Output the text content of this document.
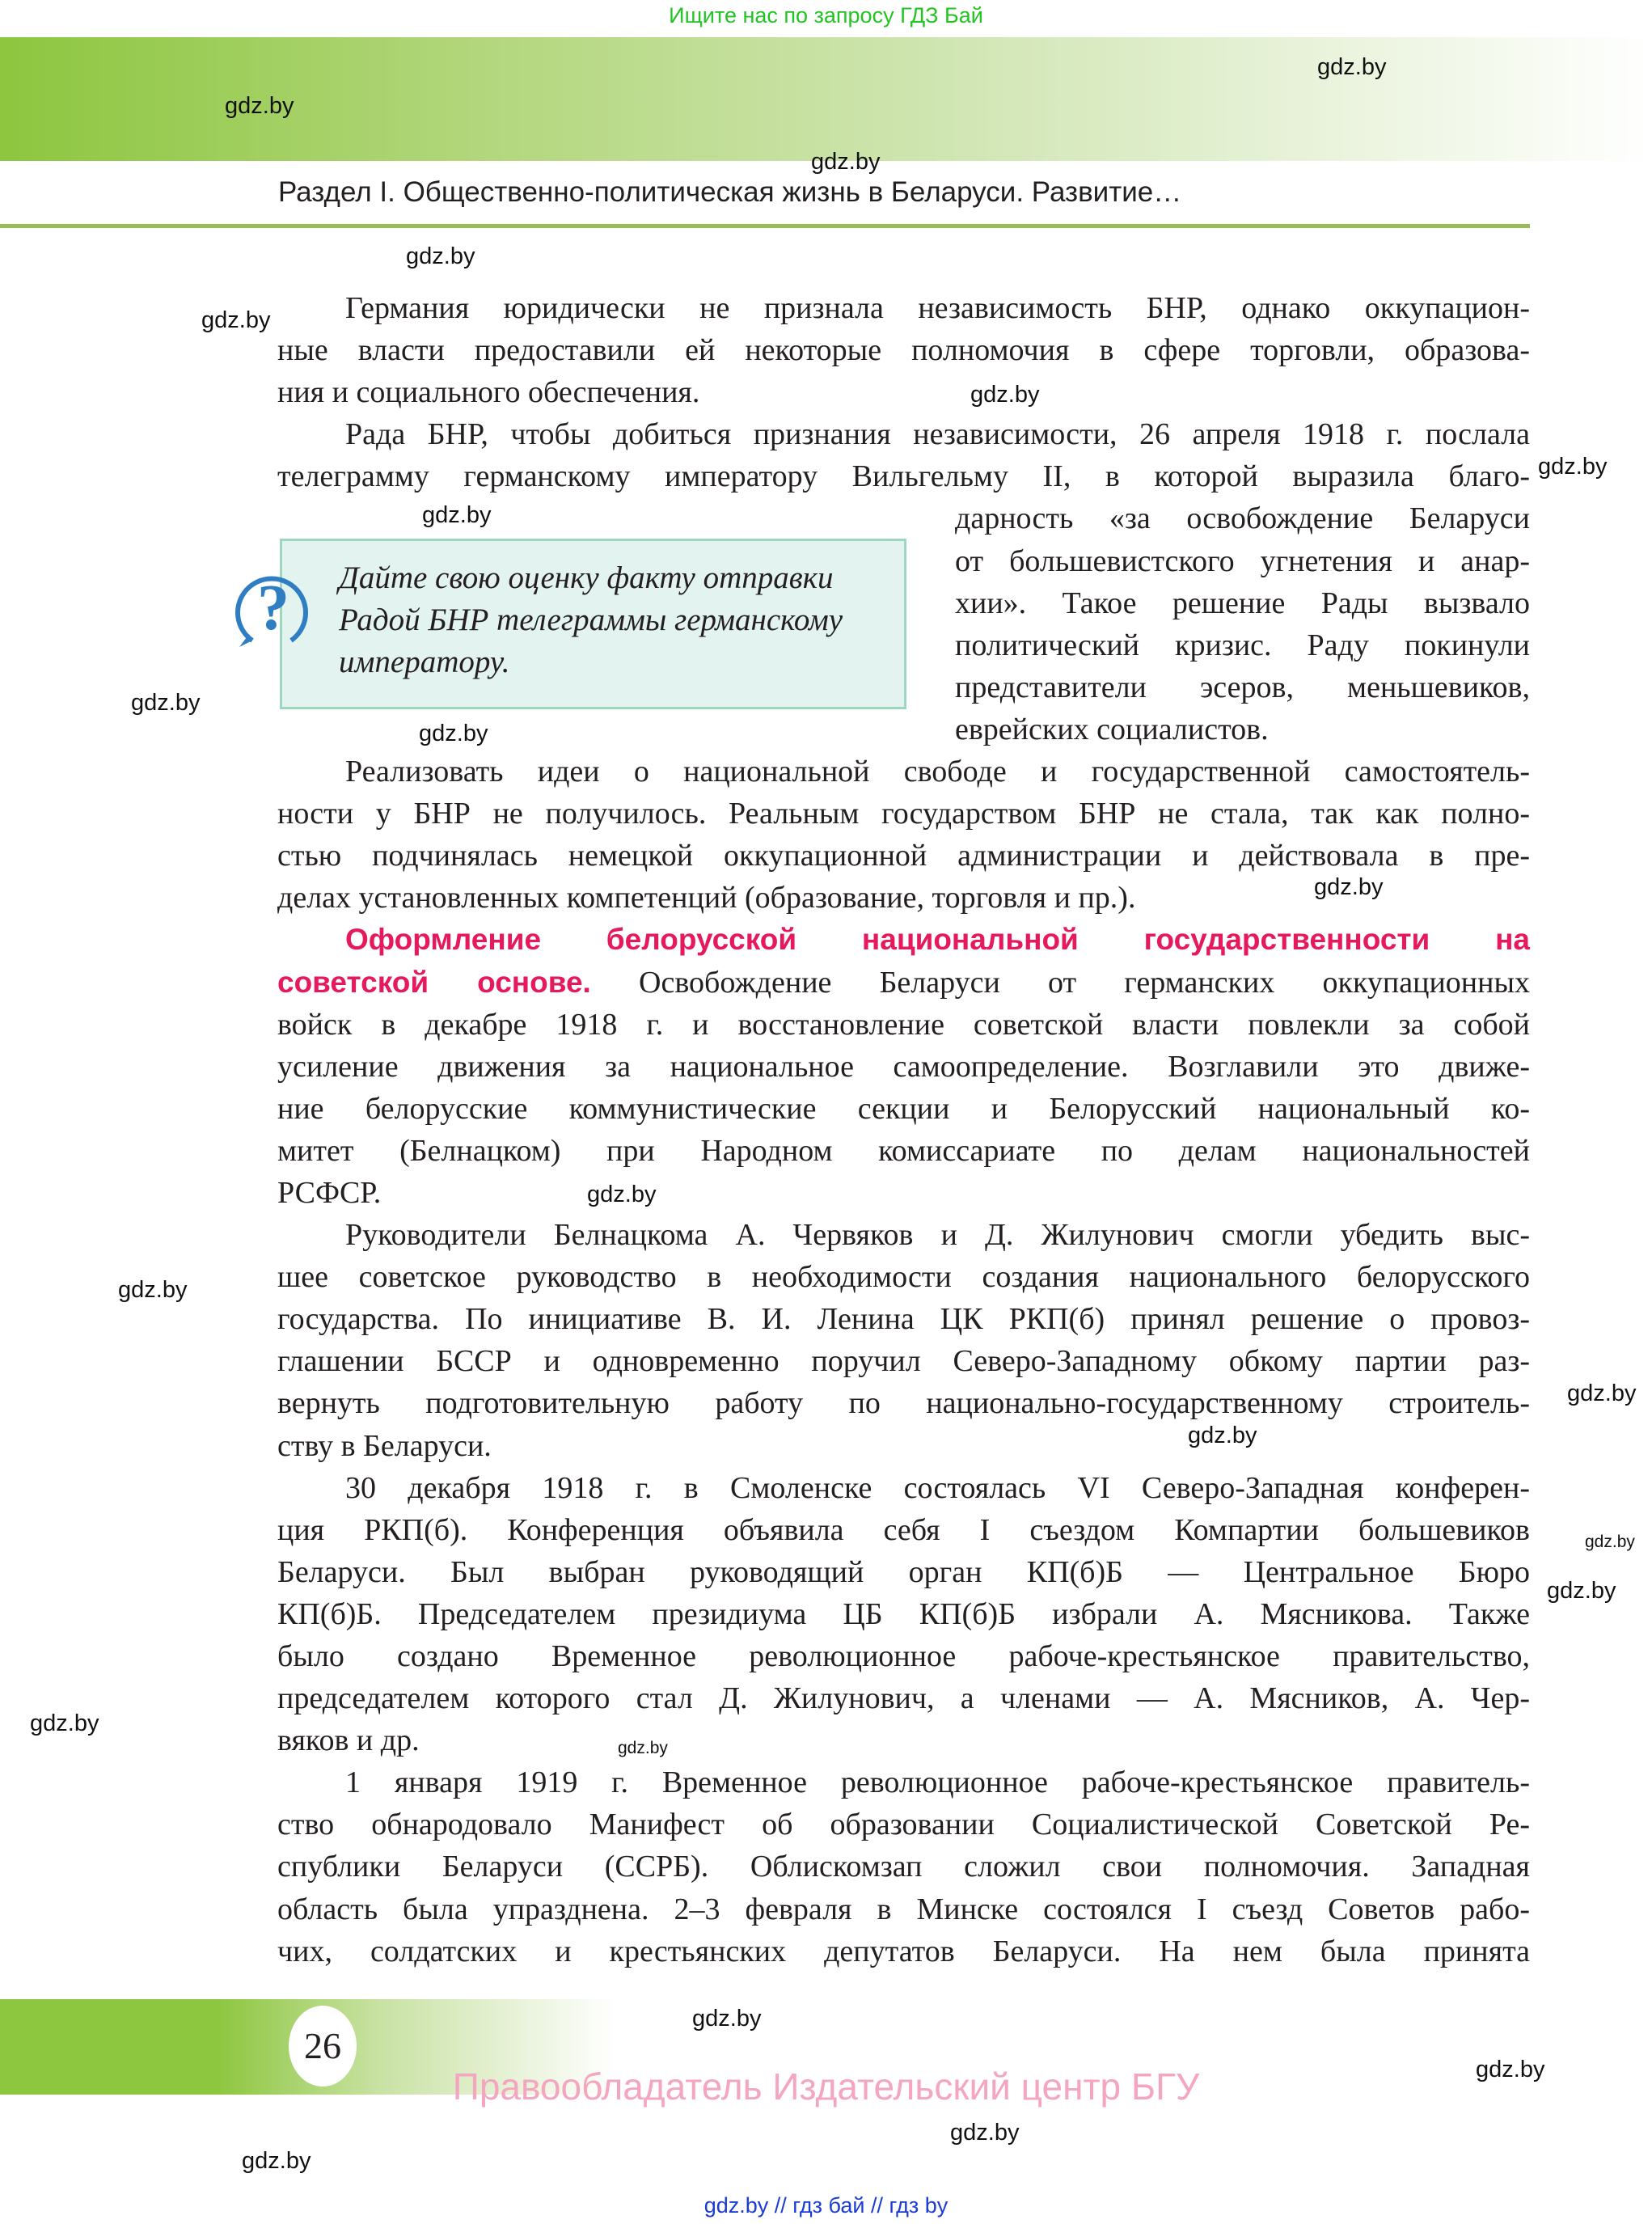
Ищите нас по запросу ГДЗ Бай
Раздел I. Общественно-политическая жизнь в Беларуси. Развитие…
Дайте свою оценку факту отправки Радой БНР телеграммы германскому императору.
?
Германия юридически не признала независимость БНР, однако оккупацион-
ные власти предоставили ей некоторые полномочия в сфере торговли, образова-
ния и социального обеспечения.
Рада БНР, чтобы добиться признания независимости, 26 апреля 1918 г. послала
телеграмму германскому императору Вильгельму II, в которой выразила благо-
дарность «за освобождение Беларуси
от большевистского угнетения и анар-
хии». Такое решение Рады вызвало
политический кризис. Раду покинули
представители эсеров, меньшевиков,
еврейских социалистов.
Реализовать идеи о национальной свободе и государственной самостоятель-
ности у БНР не получилось. Реальным государством БНР не стала, так как полно-
стью подчинялась немецкой оккупационной администрации и действовала в пре-
делах установленных компетенций (образование, торговля и пр.).
Оформление белорусской национальной государственности на
советской основе. Освобождение Беларуси от германских оккупационных
войск в декабре 1918 г. и восстановление советской власти повлекли за собой
усиление движения за национальное самоопределение. Возглавили это движе-
ние белорусские коммунистические секции и Белорусский национальный ко-
митет (Белнацком) при Народном комиссариате по делам национальностей
РСФСР.
Руководители Белнацкома А. Червяков и Д. Жилунович смогли убедить выс-
шее советское руководство в необходимости создания национального белорусского
государства. По инициативе В. И. Ленина ЦК РКП(б) принял решение о провоз-
глашении БССР и одновременно поручил Северо-Западному обкому партии раз-
вернуть подготовительную работу по национально-государственному строитель-
ству в Беларуси.
30 декабря 1918 г. в Смоленске состоялась VI Северо-Западная конферен-
ция РКП(б). Конференция объявила себя I съездом Компартии большевиков
Беларуси. Был выбран руководящий орган КП(б)Б — Центральное Бюро
КП(б)Б. Председателем президиума ЦБ КП(б)Б избрали А. Мясникова. Также
было создано Временное революционное рабоче-крестьянское правительство,
председателем которого стал Д. Жилунович, а членами — А. Мясников, А. Чер-
вяков и др.
1 января 1919 г. Временное революционное рабоче-крестьянское правитель-
ство обнародовало Манифест об образовании Социалистической Советской Ре-
спублики Беларуси (ССРБ). Облискомзап сложил свои полномочия. Западная
область была упразднена. 2–3 февраля в Минске состоялся I съезд Советов рабо-
чих, солдатских и крестьянских депутатов Беларуси. На нем была принята
26
Правообладатель Издательский центр БГУ
gdz.by // гдз бай // гдз by
gdz.by
gdz.by
gdz.by
gdz.by
gdz.by
gdz.by
gdz.by
gdz.by
gdz.by
gdz.by
gdz.by
gdz.by
gdz.by
gdz.by
gdz.by
gdz.by
gdz.by
gdz.by
gdz.by
gdz.by
gdz.by
gdz.by
gdz.by
